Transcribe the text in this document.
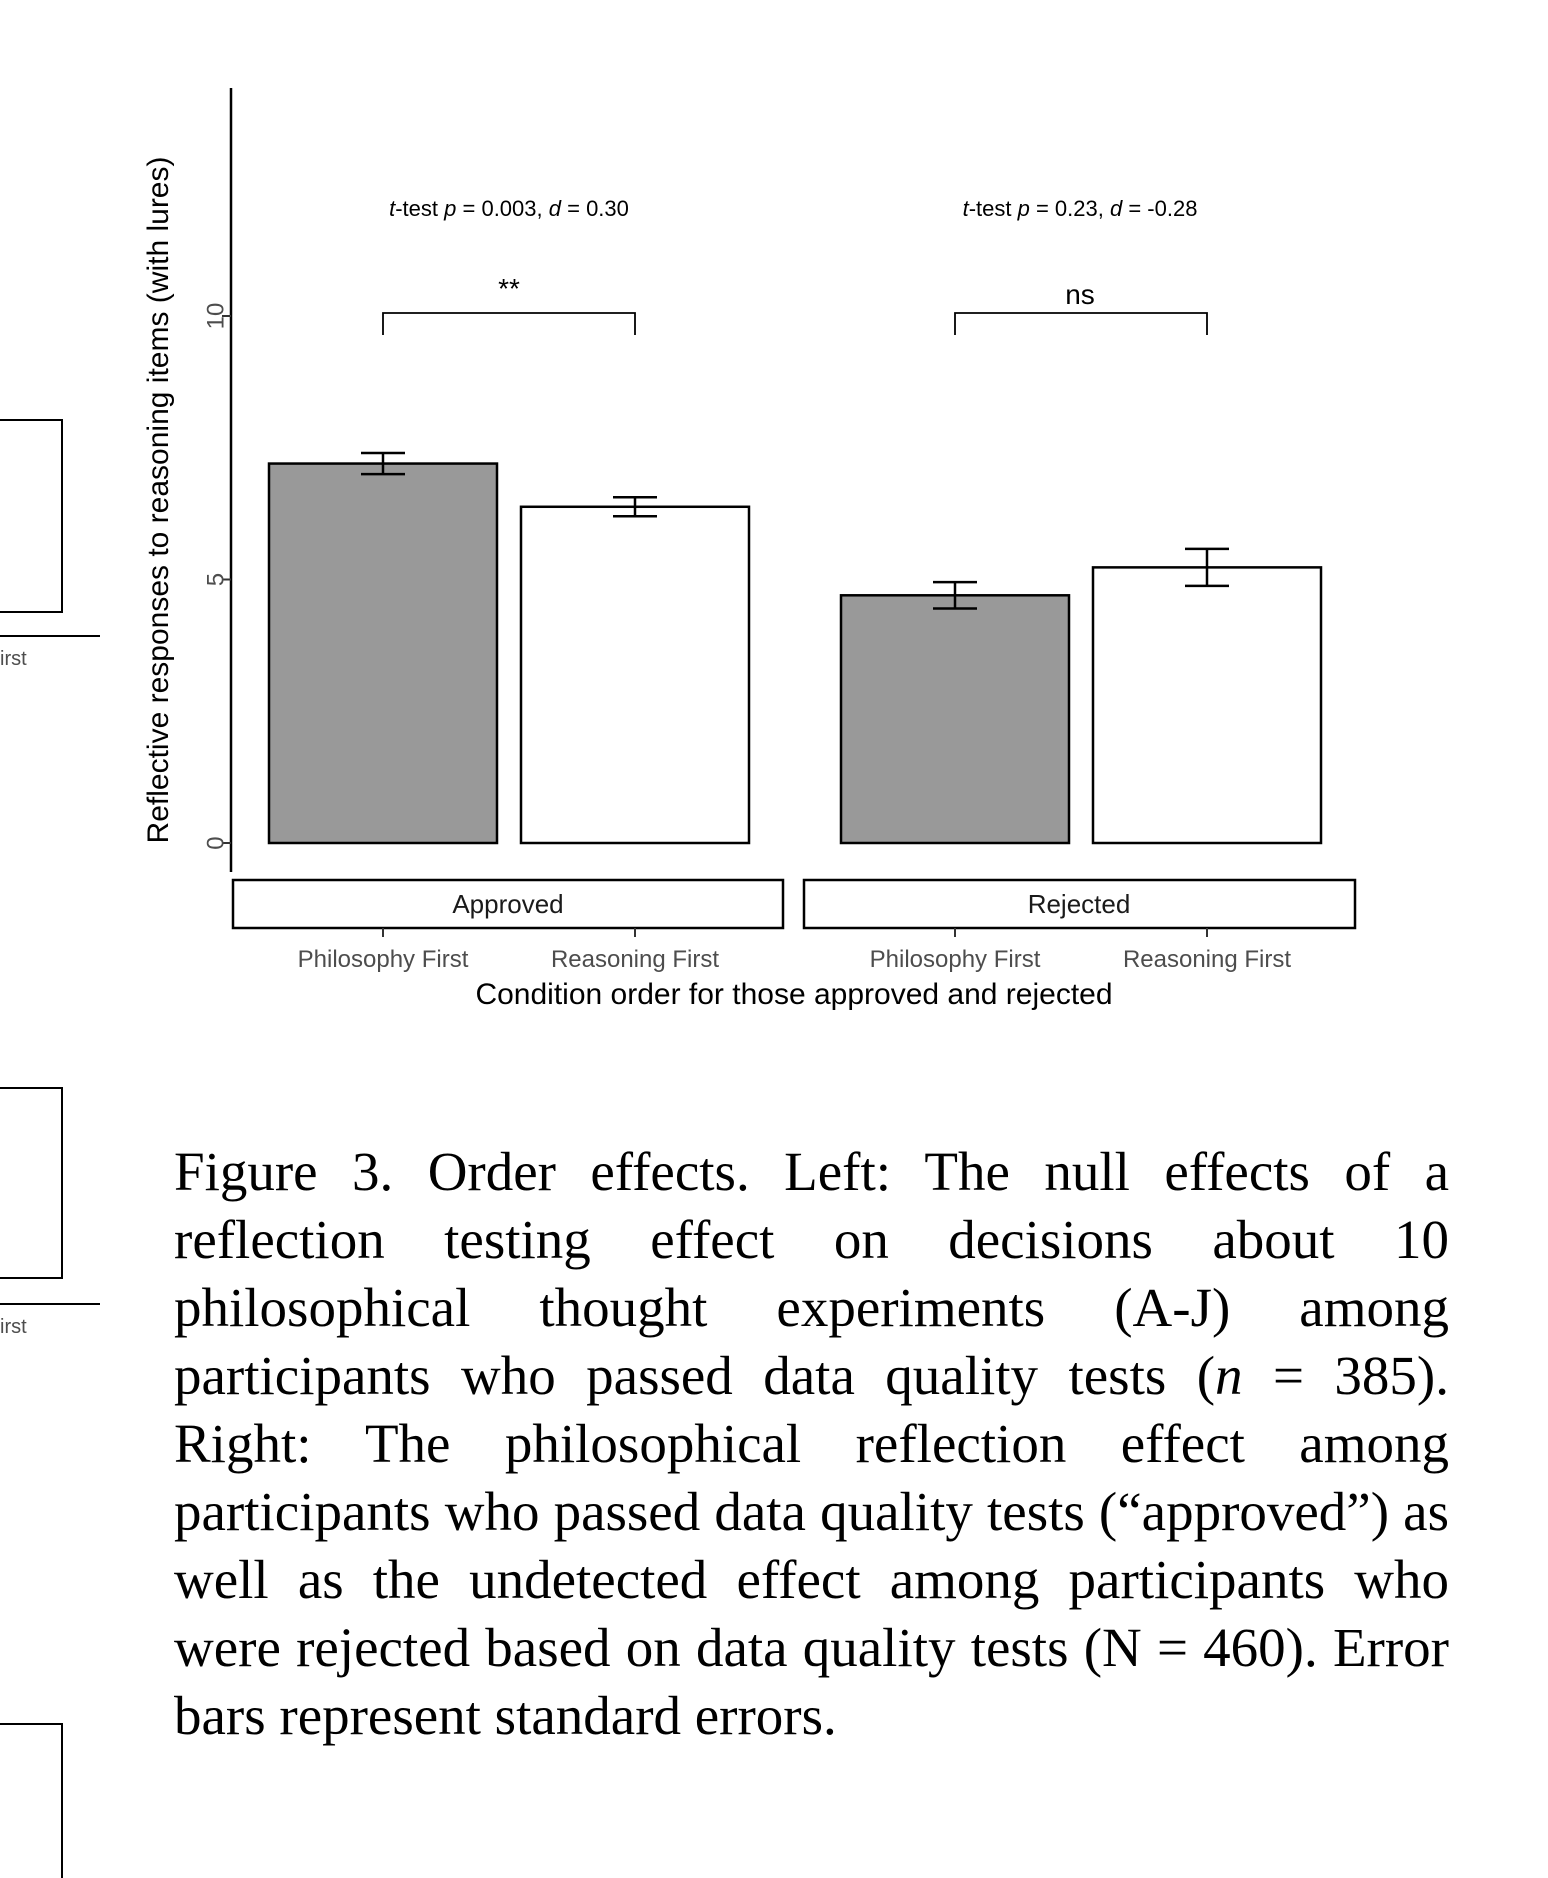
irst
0
5
10
Reflective responses to reasoning items (with lures)	t-test p = 0.003, d = 0.30	t-test p = 0.23, d = -0.28
**	ns
Approved	Rejected
Philosophy First	Reasoning First	Philosophy First	Reasoning First
Condition order for those approved and rejected
irst

Figure 3. Order effects. Left: The null effects of a reflection testing effect on decisions about 10 philosophical thought experiments (A-J) among participants who passed data quality tests (n = 385). Right: The philosophical reflection effect among participants who passed data quality tests (“approved”) as well as the undetected effect among participants who were rejected based on data quality tests (N = 460). Error bars represent standard errors.
